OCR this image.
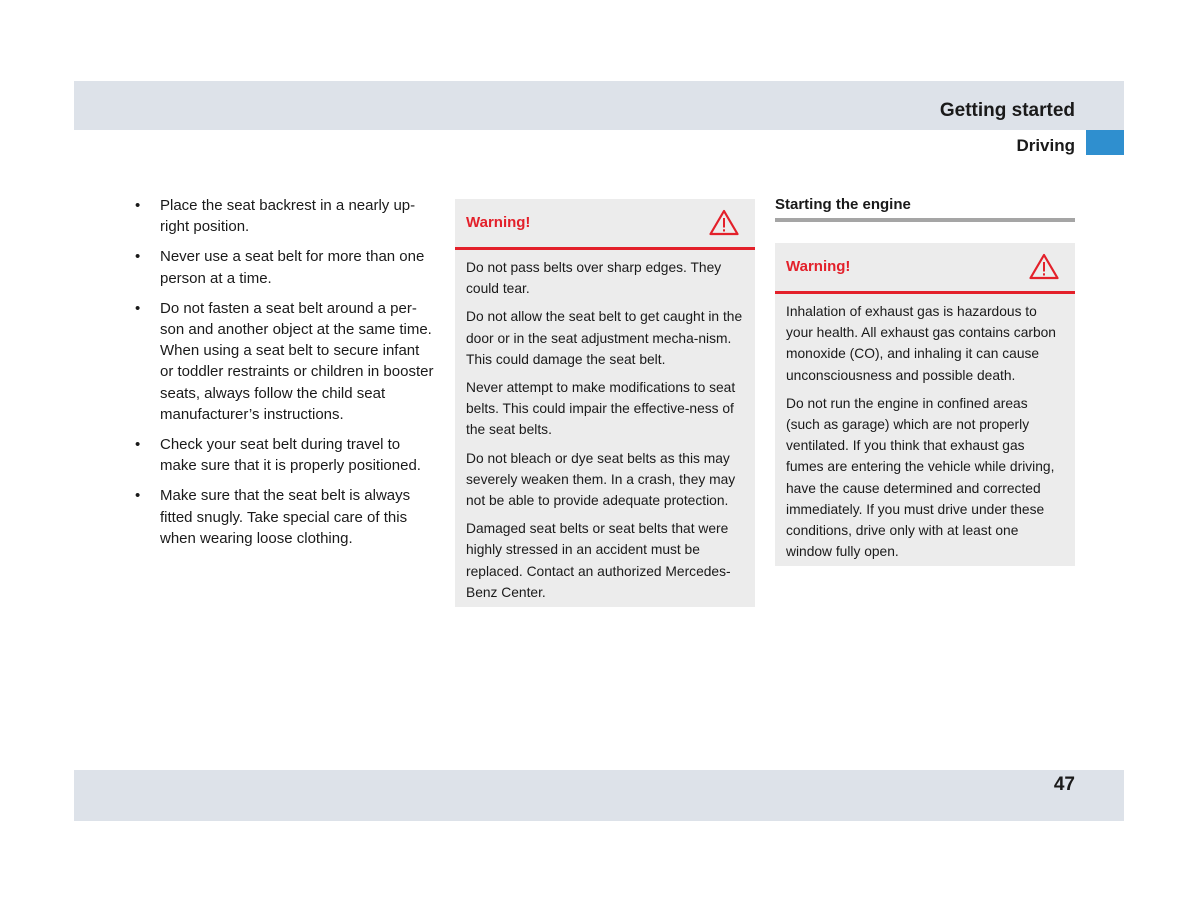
Getting started
Driving
• Place the seat backrest in a nearly up-right position.
• Never use a seat belt for more than one person at a time.
• Do not fasten a seat belt around a per-son and another object at the same time. When using a seat belt to secure infant or toddler restraints or children in booster seats, always follow the child seat manufacturer’s instructions.
• Check your seat belt during travel to make sure that it is properly positioned.
• Make sure that the seat belt is always fitted snugly. Take special care of this when wearing loose clothing.
Warning!

Do not pass belts over sharp edges. They could tear.

Do not allow the seat belt to get caught in the door or in the seat adjustment mecha-nism. This could damage the seat belt.

Never attempt to make modifications to seat belts. This could impair the effective-ness of the seat belts.

Do not bleach or dye seat belts as this may severely weaken them. In a crash, they may not be able to provide adequate protection.

Damaged seat belts or seat belts that were highly stressed in an accident must be replaced. Contact an authorized Mercedes-Benz Center.

Starting the engine
Warning!

Inhalation of exhaust gas is hazardous to your health. All exhaust gas contains carbon monoxide (CO), and inhaling it can cause unconsciousness and possible death.

Do not run the engine in confined areas (such as garage) which are not properly ventilated. If you think that exhaust gas fumes are entering the vehicle while driving, have the cause determined and corrected immediately. If you must drive under these conditions, drive only with at least one window fully open.

47
